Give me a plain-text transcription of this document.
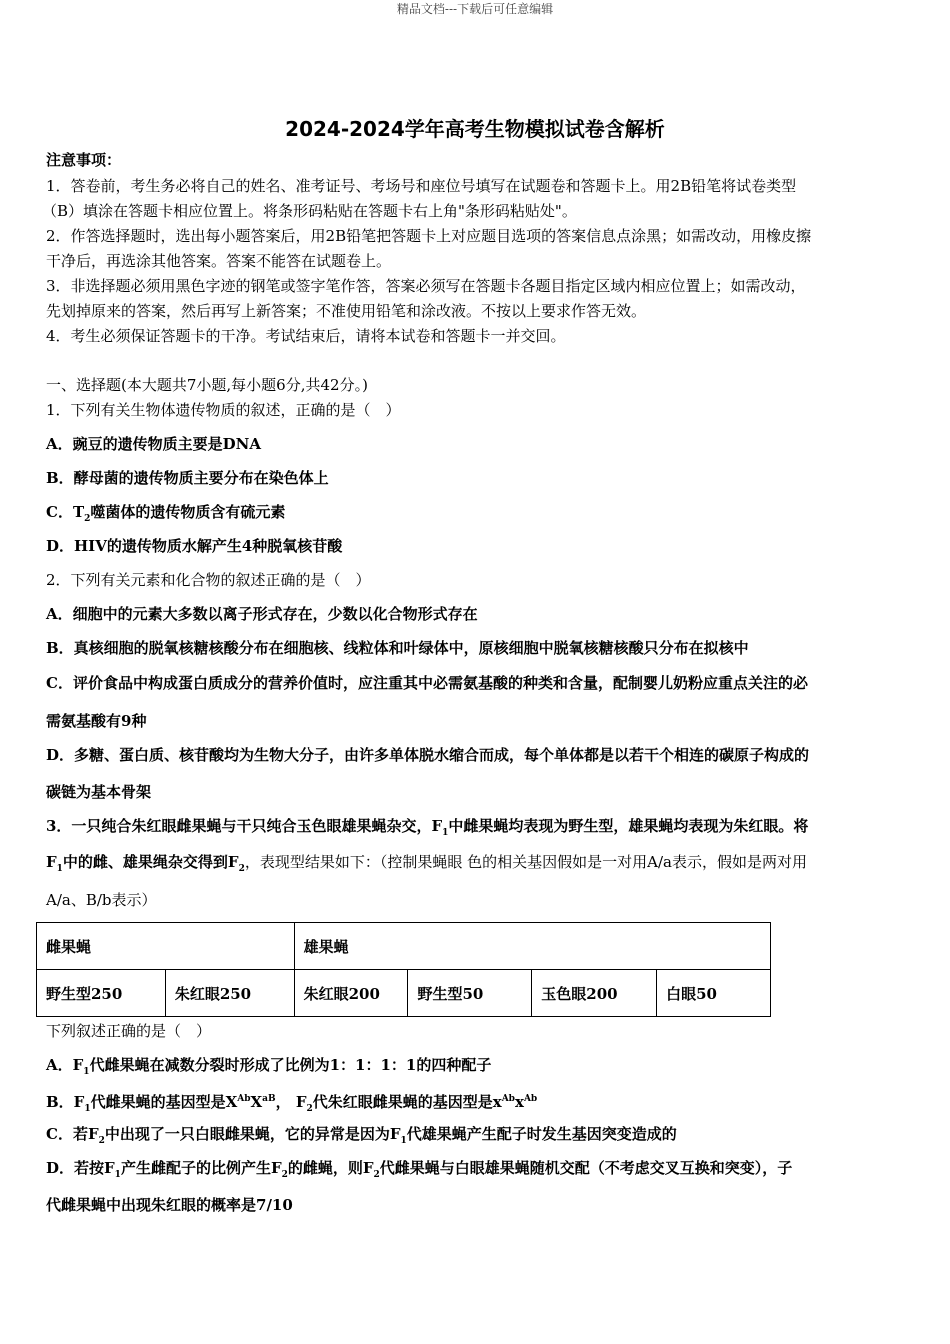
精品文档---下载后可任意编辑
2024-2024学年高考生物模拟试卷含解析
注意事项：
1．答卷前，考生务必将自己的姓名、准考证号、考场号和座位号填写在试题卷和答题卡上。用2B铅笔将试卷类型
（B）填涂在答题卡相应位置上。将条形码粘贴在答题卡右上角"条形码粘贴处"。
2．作答选择题时，选出每小题答案后，用2B铅笔把答题卡上对应题目选项的答案信息点涂黑；如需改动，用橡皮擦
干净后，再选涂其他答案。答案不能答在试题卷上。
3．非选择题必须用黑色字迹的钢笔或签字笔作答，答案必须写在答题卡各题目指定区域内相应位置上；如需改动，
先划掉原来的答案，然后再写上新答案；不准使用铅笔和涂改液。不按以上要求作答无效。
4．考生必须保证答题卡的干净。考试结束后，请将本试卷和答题卡一并交回。
一、选择题(本大题共7小题,每小题6分,共42分。)
1．下列有关生物体遗传物质的叙述，正确的是（　）
A．豌豆的遗传物质主要是DNA
B．酵母菌的遗传物质主要分布在染色体上
C．$T_2$噬菌体的遗传物质含有硫元素
D．HIV的遗传物质水解产生4种脱氧核苷酸
2．下列有关元素和化合物的叙述正确的是（　）
A．细胞中的元素大多数以离子形式存在，少数以化合物形式存在
B．真核细胞的脱氧核糖核酸分布在细胞核、线粒体和叶绿体中，原核细胞中脱氧核糖核酸只分布在拟核中
C．评价食品中构成蛋白质成分的营养价值时，应注重其中必需氨基酸的种类和含量，配制婴儿奶粉应重点关注的必
需氨基酸有9种
D．多糖、蛋白质、核苷酸均为生物大分子，由许多单体脱水缩合而成，每个单体都是以若干个相连的碳原子构成的
碳链为基本骨架
3．一只纯合朱红眼雌果蝇与干只纯合玉色眼雄果蝇杂交，$F_1$中雌果蝇均表现为野生型，雄果蝇均表现为朱红眼。将
$F_1$中的雌、雄果绳杂交得到$F_2$，表现型结果如下：（控制果蝇眼 色的相关基因假如是一对用A/a表示，假如是两对用
A/a、B/b表示）
雌果蝇		雄果蝇			
野生型250	朱红眼250	朱红眼200	野生型50	玉色眼200	白眼50
下列叙述正确的是（　）
A．$F_1$代雌果蝇在减数分裂时形成了比例为1：1：1：1的四种配子
B．$F_1$代雌果蝇的基因型是$X^{Ab}X^{aB}$， $F_2$代朱红眼雌果蝇的基因型是$x^{Ab}x^{Ab}$
C．若$F_2$中出现了一只白眼雌果蝇，它的异常是因为$F_1$代雄果蝇产生配子时发生基因突变造成的
D．若按$F_1$产生雌配子的比例产生$F_2$的雌蝇，则$F_2$代雌果蝇与白眼雄果蝇随机交配（不考虑交叉互换和突变），子
代雌果蝇中出现朱红眼的概率是7/10
